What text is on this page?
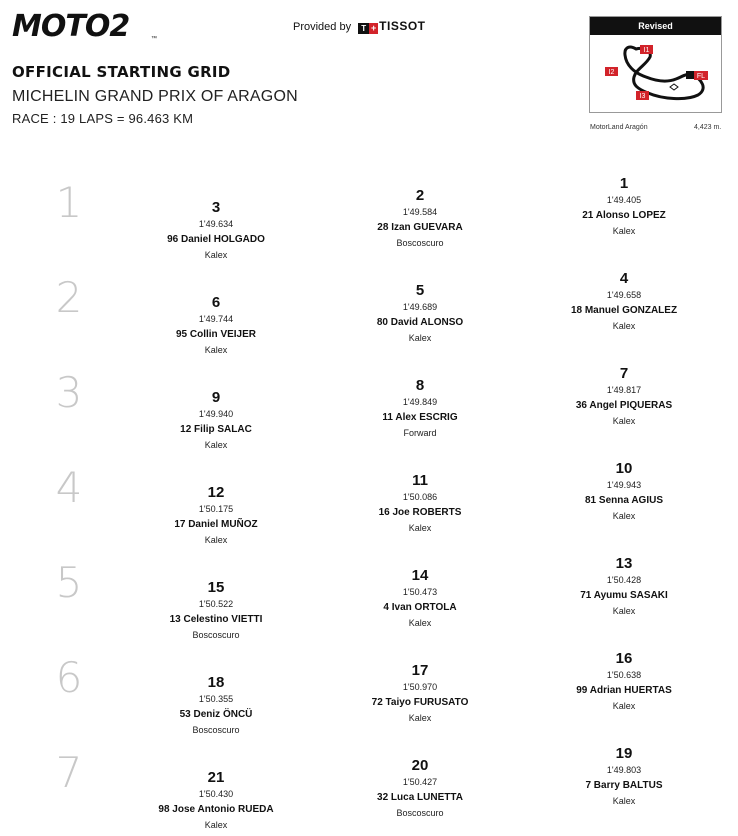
MOTO2	™
Provided by T + TISSOT
OFFICIAL STARTING GRID
MICHELIN GRAND PRIX OF ARAGON
RACE : 19 LAPS = 96.463 KM
Revised
I1
I2
I3
FL
MotorLand Aragón	4,423 m.
1
2
3
4
5
6
7
1
1'49.405
21 Alonso LOPEZ
Kalex
2
1'49.584
28 Izan GUEVARA
Boscoscuro
3
1'49.634
96 Daniel HOLGADO
Kalex
4
1'49.658
18 Manuel GONZALEZ
Kalex
5
1'49.689
80 David ALONSO
Kalex
6
1'49.744
95 Collin VEIJER
Kalex
7
1'49.817
36 Angel PIQUERAS
Kalex
8
1'49.849
11 Alex ESCRIG
Forward
9
1'49.940
12 Filip SALAC
Kalex
10
1'49.943
81 Senna AGIUS
Kalex
11
1'50.086
16 Joe ROBERTS
Kalex
12
1'50.175
17 Daniel MUÑOZ
Kalex
13
1'50.428
71 Ayumu SASAKI
Kalex
14
1'50.473
4 Ivan ORTOLA
Kalex
15
1'50.522
13 Celestino VIETTI
Boscoscuro
16
1'50.638
99 Adrian HUERTAS
Kalex
17
1'50.970
72 Taiyo FURUSATO
Kalex
18
1'50.355
53 Deniz ÖNCÜ
Boscoscuro
19
1'49.803
7 Barry BALTUS
Kalex
20
1'50.427
32 Luca LUNETTA
Boscoscuro
21
1'50.430
98 Jose Antonio RUEDA
Kalex
